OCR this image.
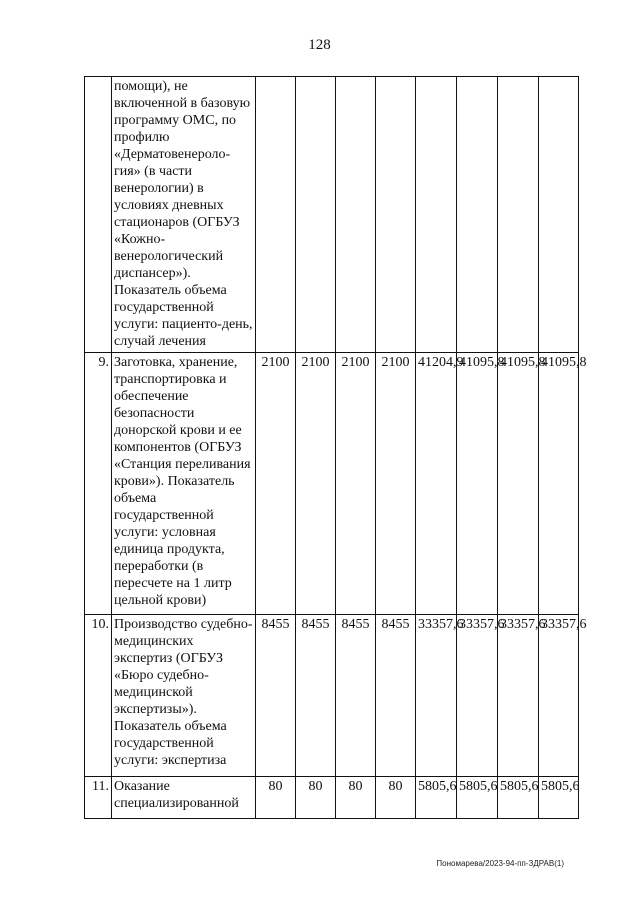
128
	помощи), не включенной в базовую программу ОМС, по профилю «Дерматовенероло-гия» (в части венерологии) в условиях дневных стационаров (ОГБУЗ «Кожно-венерологический диспансер»). Показатель объема государственной услуги: пациенто-день, случай лечения								
9.	Заготовка, хранение, транспортировка и обеспечение безопасности донорской крови и ее компонентов (ОГБУЗ «Станция переливания крови»). Показатель объема государственной услуги: условная единица продукта, переработки (в пересчете на 1 литр цельной крови)	2100	2100	2100	2100	41204,9	41095,8	41095,8	41095,8
10.	Производство судебно-медицинских экспертиз (ОГБУЗ «Бюро судебно-медицинской экспертизы»). Показатель объема государственной услуги: экспертиза	8455	8455	8455	8455	33357,6	33357,6	33357,6	33357,6
11.	Оказание специализированной	80	80	80	80	5805,6	5805,6	5805,6	5805,6
Пономарева/2023-94-пп-ЗДРАВ(1)
